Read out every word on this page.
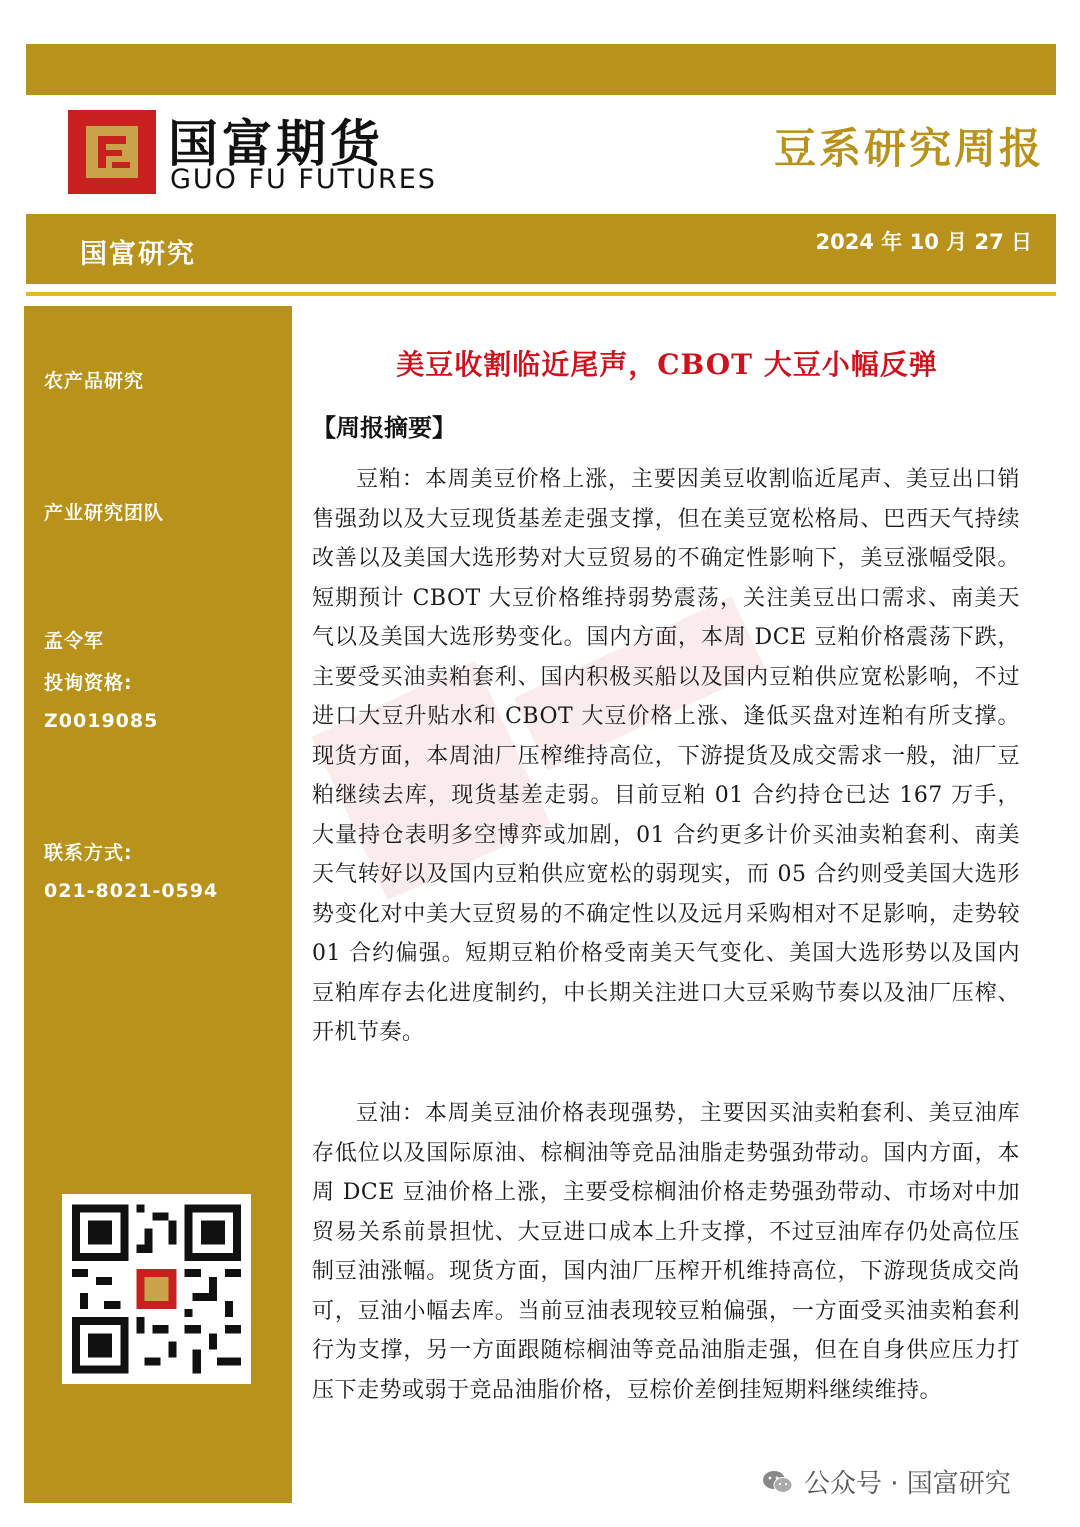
国富期货
GUO FU FUTURES
豆系研究周报
国富研究	2024 年 10 月 27 日
农产品研究
产业研究团队
孟令军
投询资格:
Z0019085
联系方式:
021-8021-0594
美豆收割临近尾声，CBOT 大豆小幅反弹
【周报摘要】

豆粕：本周美豆价格上涨，主要因美豆收割临近尾声、美豆出口销售强劲以及大豆现货基差走强支撑，但在美豆宽松格局、巴西天气持续改善以及美国大选形势对大豆贸易的不确定性影响下，美豆涨幅受限。短期预计 CBOT 大豆价格维持弱势震荡，关注美豆出口需求、南美天气以及美国大选形势变化。国内方面，本周 DCE 豆粕价格震荡下跌，主要受买油卖粕套利、国内积极买船以及国内豆粕供应宽松影响，不过进口大豆升贴水和 CBOT 大豆价格上涨、逢低买盘对连粕有所支撑。现货方面，本周油厂压榨维持高位，下游提货及成交需求一般，油厂豆粕继续去库，现货基差走弱。目前豆粕 01 合约持仓已达 167 万手，大量持仓表明多空博弈或加剧，01 合约更多计价买油卖粕套利、南美天气转好以及国内豆粕供应宽松的弱现实，而 05 合约则受美国大选形势变化对中美大豆贸易的不确定性以及远月采购相对不足影响，走势较 01 合约偏强。短期豆粕价格受南美天气变化、美国大选形势以及国内豆粕库存去化进度制约，中长期关注进口大豆采购节奏以及油厂压榨、开机节奏。

豆油：本周美豆油价格表现强势，主要因买油卖粕套利、美豆油库存低位以及国际原油、棕榈油等竞品油脂走势强劲带动。国内方面，本周 DCE 豆油价格上涨，主要受棕榈油价格走势强劲带动、市场对中加贸易关系前景担忧、大豆进口成本上升支撑，不过豆油库存仍处高位压制豆油涨幅。现货方面，国内油厂压榨开机维持高位，下游现货成交尚可，豆油小幅去库。当前豆油表现较豆粕偏强，一方面受买油卖粕套利行为支撑，另一方面跟随棕榈油等竞品油脂走强，但在自身供应压力打压下走势或弱于竞品油脂价格，豆棕价差倒挂短期料继续维持。

公众号 · 国富研究
